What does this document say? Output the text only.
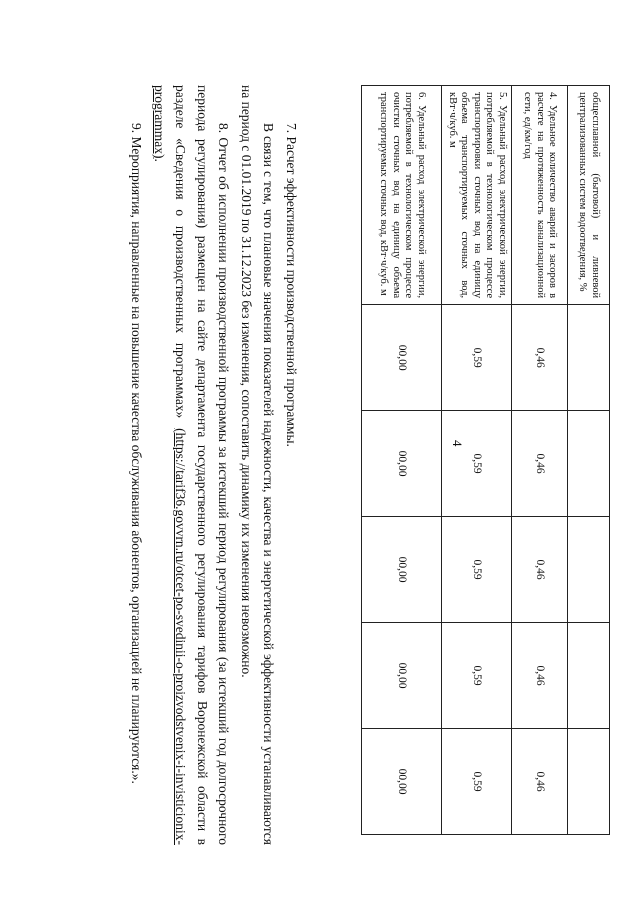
4
общесплавной (бытовой) и ливневой централизованных систем водоотведения, %					
4. Удельное количество аварий и засоров в расчете на протяженность канализационной сети, ед/км/год	0,46	0,46	0,46	0,46	0,46
5. Удельный расход электрической энергии, потребляемой в технологическом процессе транспортировки сточных вод на единицу объема транспортируемых сточных вод, кВт·ч/куб. м	0,59	0,59	0,59	0,59	0,59
6. Удельный расход электрической энергии, потребляемой в технологическом процессе очистки сточных вод на единицу объема транспортируемых сточных вод, кВт·ч/куб. м	00,00	00,00	00,00	00,00	00,00

7. Расчет эффективности производственной программы.

В связи с тем, что плановые значения показателей надежности, качества и энергетической эффективности устанавливаются на период с 01.01.2019 по 31.12.2023 без изменения, сопоставить динамику их изменения невозможно.

8. Отчет об исполнении производственной программы за истекший период регулирования (за истекший год долгосрочного периода регулирования) размещен на сайте департамента государственного регулирования тарифов Воронежской области в разделе «Сведения о производственных программах» (https://tarif36.govvrn.ru/otcet-po-svedinii-o-proizvodstvenix-i-invisticionix-programmax).

9. Мероприятия, направленные на повышение качества обслуживания абонентов, организацией не планируются.».
